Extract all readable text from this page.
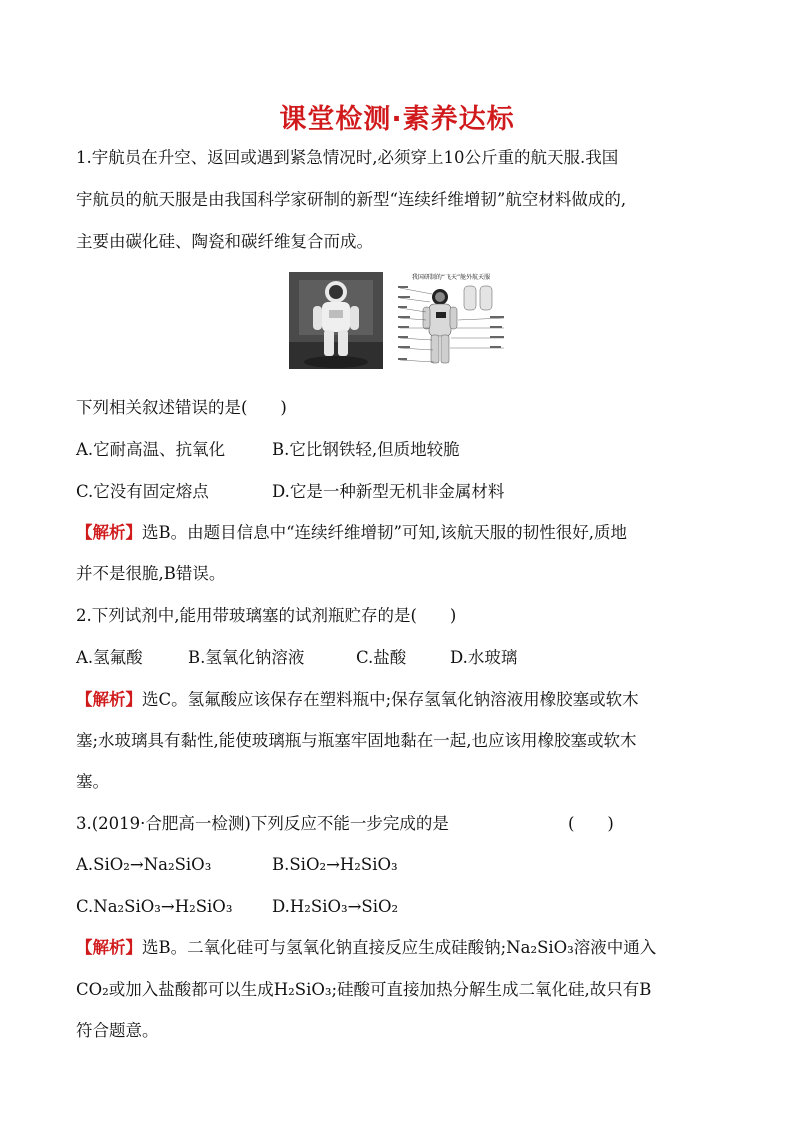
课堂检测·素养达标
1.宇航员在升空、返回或遇到紧急情况时,必须穿上10公斤重的航天服.我国
宇航员的航天服是由我国科学家研制的新型“连续纤维增韧”航空材料做成的,
主要由碳化硅、陶瓷和碳纤维复合而成。
我国研制的“飞天”舱外航天服
下列相关叙述错误的是(　　)
A.它耐高温、抗氧化	B.它比钢铁轻,但质地较脆
C.它没有固定熔点	D.它是一种新型无机非金属材料
【解析】选B。由题目信息中“连续纤维增韧”可知,该航天服的韧性很好,质地
并不是很脆,B错误。
2.下列试剂中,能用带玻璃塞的试剂瓶贮存的是(　　)
A.氢氟酸	B.氢氧化钠溶液	C.盐酸	D.水玻璃
【解析】选C。氢氟酸应该保存在塑料瓶中;保存氢氧化钠溶液用橡胶塞或软木
塞;水玻璃具有黏性,能使玻璃瓶与瓶塞牢固地黏在一起,也应该用橡胶塞或软木
塞。
3.(2019·合肥高一检测)下列反应不能一步完成的是	(　　)
A.SiO₂→Na₂SiO₃	B.SiO₂→H₂SiO₃
C.Na₂SiO₃→H₂SiO₃ D.H₂SiO₃→SiO₂
【解析】选B。二氧化硅可与氢氧化钠直接反应生成硅酸钠;Na₂SiO₃溶液中通入
CO₂或加入盐酸都可以生成H₂SiO₃;硅酸可直接加热分解生成二氧化硅,故只有B
符合题意。
